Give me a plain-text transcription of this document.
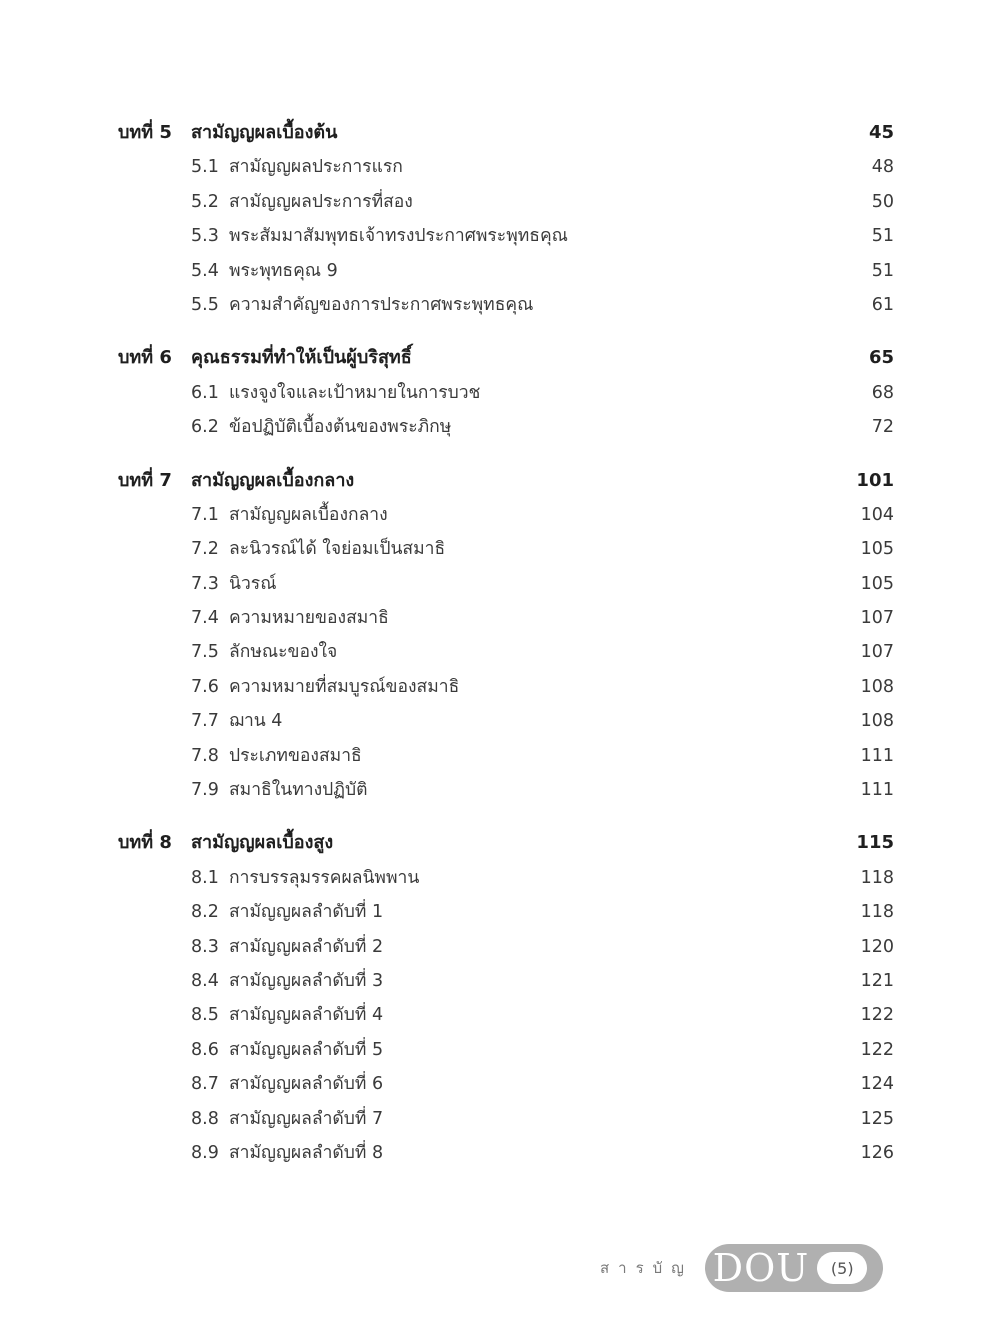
บทที่ 5	สามัญญผลเบื้องต้น	45
5.1 สามัญญผลประการแรก	48
5.2 สามัญญผลประการที่สอง	50
5.3 พระสัมมาสัมพุทธเจ้าทรงประกาศพระพุทธคุณ	51
5.4 พระพุทธคุณ 9	51
5.5 ความสำคัญของการประกาศพระพุทธคุณ	61
บทที่ 6	คุณธรรมที่ทำให้เป็นผู้บริสุทธิ์	65
6.1 แรงจูงใจและเป้าหมายในการบวช	68
6.2 ข้อปฏิบัติเบื้องต้นของพระภิกษุ	72
บทที่ 7	สามัญญผลเบื้องกลาง	101
7.1 สามัญญผลเบื้องกลาง	104
7.2 ละนิวรณ์ได้ ใจย่อมเป็นสมาธิ	105
7.3 นิวรณ์	105
7.4 ความหมายของสมาธิ	107
7.5 ลักษณะของใจ	107
7.6 ความหมายที่สมบูรณ์ของสมาธิ	108
7.7 ฌาน 4	108
7.8 ประเภทของสมาธิ	111
7.9 สมาธิในทางปฏิบัติ	111
บทที่ 8	สามัญญผลเบื้องสูง	115
8.1 การบรรลุมรรคผลนิพพาน	118
8.2 สามัญญผลลำดับที่ 1	118
8.3 สามัญญผลลำดับที่ 2	120
8.4 สามัญญผลลำดับที่ 3	121
8.5 สามัญญผลลำดับที่ 4	122
8.6 สามัญญผลลำดับที่ 5	122
8.7 สามัญญผลลำดับที่ 6	124
8.8 สามัญญผลลำดับที่ 7	125
8.9 สามัญญผลลำดับที่ 8	126
สารบัญ DOU	(5)
